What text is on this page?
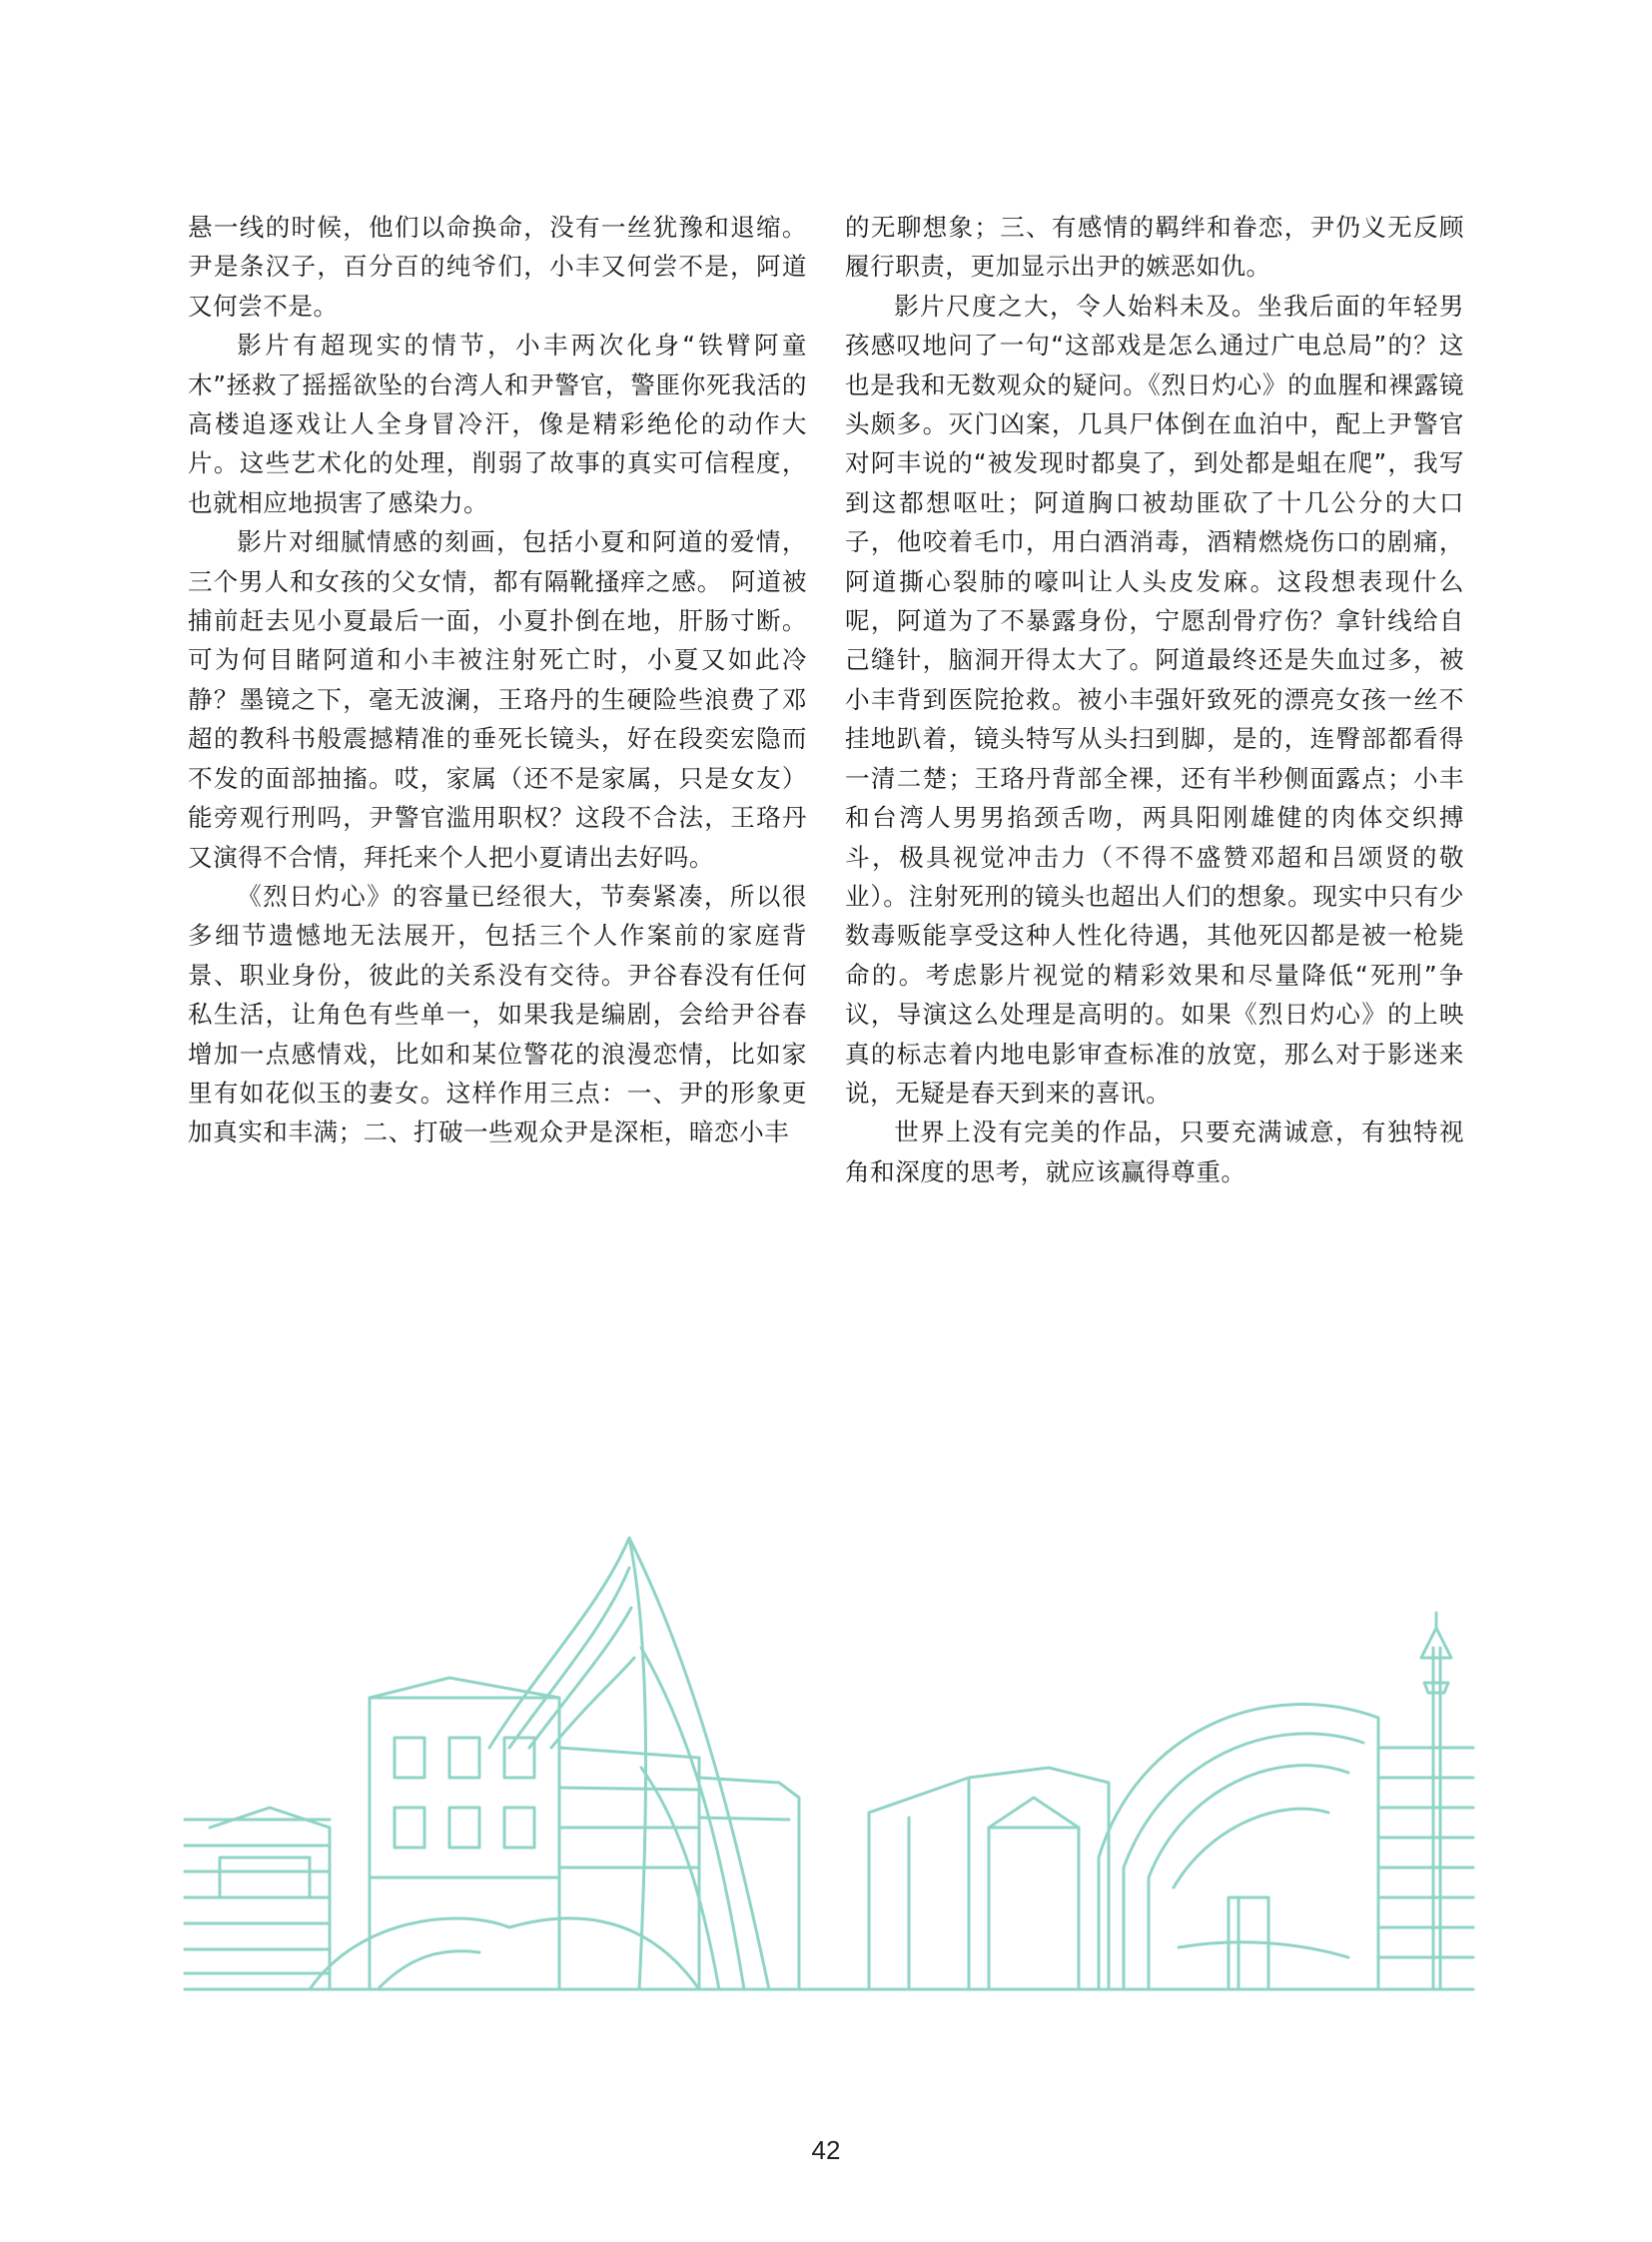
悬一线的时候，他们以命换命，没有一丝犹豫和退缩。尹是条汉子，百分百的纯爷们，小丰又何尝不是，阿道又何尝不是。

影片有超现实的情节，小丰两次化身“铁臂阿童木”拯救了摇摇欲坠的台湾人和尹警官，警匪你死我活的高楼追逐戏让人全身冒冷汗，像是精彩绝伦的动作大片。这些艺术化的处理，削弱了故事的真实可信程度，也就相应地损害了感染力。

影片对细腻情感的刻画，包括小夏和阿道的爱情，三个男人和女孩的父女情，都有隔靴搔痒之感。 阿道被捕前赶去见小夏最后一面，小夏扑倒在地，肝肠寸断。可为何目睹阿道和小丰被注射死亡时，小夏又如此冷静？墨镜之下，毫无波澜，王珞丹的生硬险些浪费了邓超的教科书般震撼精准的垂死长镜头，好在段奕宏隐而不发的面部抽搐。哎，家属（还不是家属，只是女友）能旁观行刑吗，尹警官滥用职权？这段不合法，王珞丹又演得不合情，拜托来个人把小夏请出去好吗。

《烈日灼心》的容量已经很大，节奏紧凑，所以很多细节遗憾地无法展开，包括三个人作案前的家庭背景、职业身份，彼此的关系没有交待。尹谷春没有任何私生活，让角色有些单一，如果我是编剧，会给尹谷春增加一点感情戏，比如和某位警花的浪漫恋情，比如家里有如花似玉的妻女。这样作用三点：一、尹的形象更加真实和丰满；二、打破一些观众尹是深柜，暗恋小丰

的无聊想象；三、有感情的羁绊和眷恋，尹仍义无反顾履行职责，更加显示出尹的嫉恶如仇。

影片尺度之大，令人始料未及。坐我后面的年轻男孩感叹地问了一句“这部戏是怎么通过广电总局”的？这也是我和无数观众的疑问。《烈日灼心》的血腥和裸露镜头颇多。灭门凶案，几具尸体倒在血泊中，配上尹警官对阿丰说的“被发现时都臭了，到处都是蛆在爬”，我写到这都想呕吐；阿道胸口被劫匪砍了十几公分的大口子，他咬着毛巾，用白酒消毒，酒精燃烧伤口的剧痛，阿道撕心裂肺的嚎叫让人头皮发麻。这段想表现什么呢，阿道为了不暴露身份，宁愿刮骨疗伤？拿针线给自己缝针，脑洞开得太大了。阿道最终还是失血过多，被小丰背到医院抢救。被小丰强奸致死的漂亮女孩一丝不挂地趴着，镜头特写从头扫到脚，是的，连臀部都看得一清二楚；王珞丹背部全裸，还有半秒侧面露点；小丰和台湾人男男掐颈舌吻，两具阳刚雄健的肉体交织搏斗，极具视觉冲击力（不得不盛赞邓超和吕颂贤的敬业）。注射死刑的镜头也超出人们的想象。现实中只有少数毒贩能享受这种人性化待遇，其他死囚都是被一枪毙命的。考虑影片视觉的精彩效果和尽量降低“死刑”争议，导演这么处理是高明的。如果《烈日灼心》的上映真的标志着内地电影审查标准的放宽，那么对于影迷来说，无疑是春天到来的喜讯。

世界上没有完美的作品，只要充满诚意，有独特视角和深度的思考，就应该赢得尊重。

42
